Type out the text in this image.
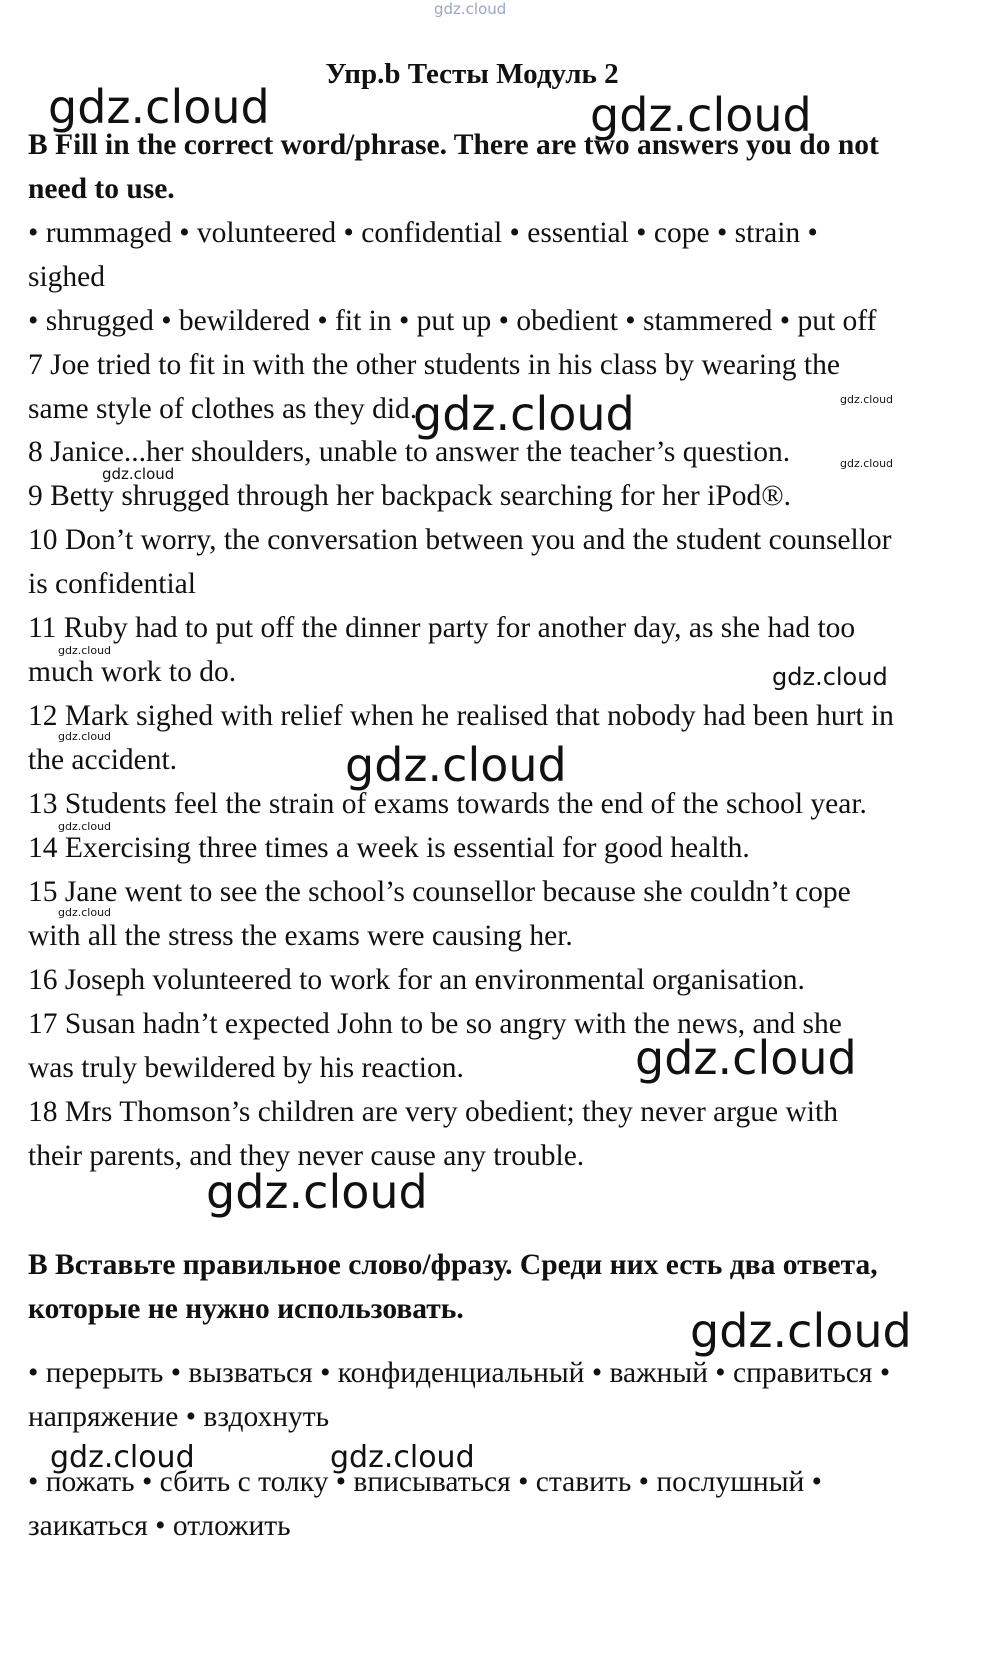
gdz.cloud
Упр.b Тесты Модуль 2
B Fill in the correct word/phrase. There are two answers you do not
need to use.
• rummaged • volunteered • confidential • essential • cope • strain •
sighed
• shrugged • bewildered • fit in • put up • obedient • stammered • put off
7 Joe tried to fit in with the other students in his class by wearing the
same style of clothes as they did.
8 Janice...her shoulders, unable to answer the teacher’s question.
9 Betty shrugged through her backpack searching for her iPod®.
10 Don’t worry, the conversation between you and the student counsellor
is confidential
11 Ruby had to put off the dinner party for another day, as she had too
much work to do.
12 Mark sighed with relief when he realised that nobody had been hurt in
the accident.
13 Students feel the strain of exams towards the end of the school year.
14 Exercising three times a week is essential for good health.
15 Jane went to see the school’s counsellor because she couldn’t cope
with all the stress the exams were causing her.
16 Joseph volunteered to work for an environmental organisation.
17 Susan hadn’t expected John to be so angry with the news, and she
was truly bewildered by his reaction.
18 Mrs Thomson’s children are very obedient; they never argue with
their parents, and they never cause any trouble.
В Вставьте правильное слово/фразу. Среди них есть два ответа,
которые не нужно использовать.
• перерыть • вызваться • конфиденциальный • важный • справиться •
напряжение • вздохнуть
• пожать • сбить с толку • вписываться • ставить • послушный •
заикаться • отложить
gdz.cloud	gdz.cloud
gdz.cloud	gdz.cloud
gdz.cloud
gdz.cloud
gdz.cloud
gdz.cloud
gdz.cloud
gdz.cloud
gdz.cloud
gdz.cloud
gdz.cloud
gdz.cloud
gdz.cloud
gdz.cloud	gdz.cloud
